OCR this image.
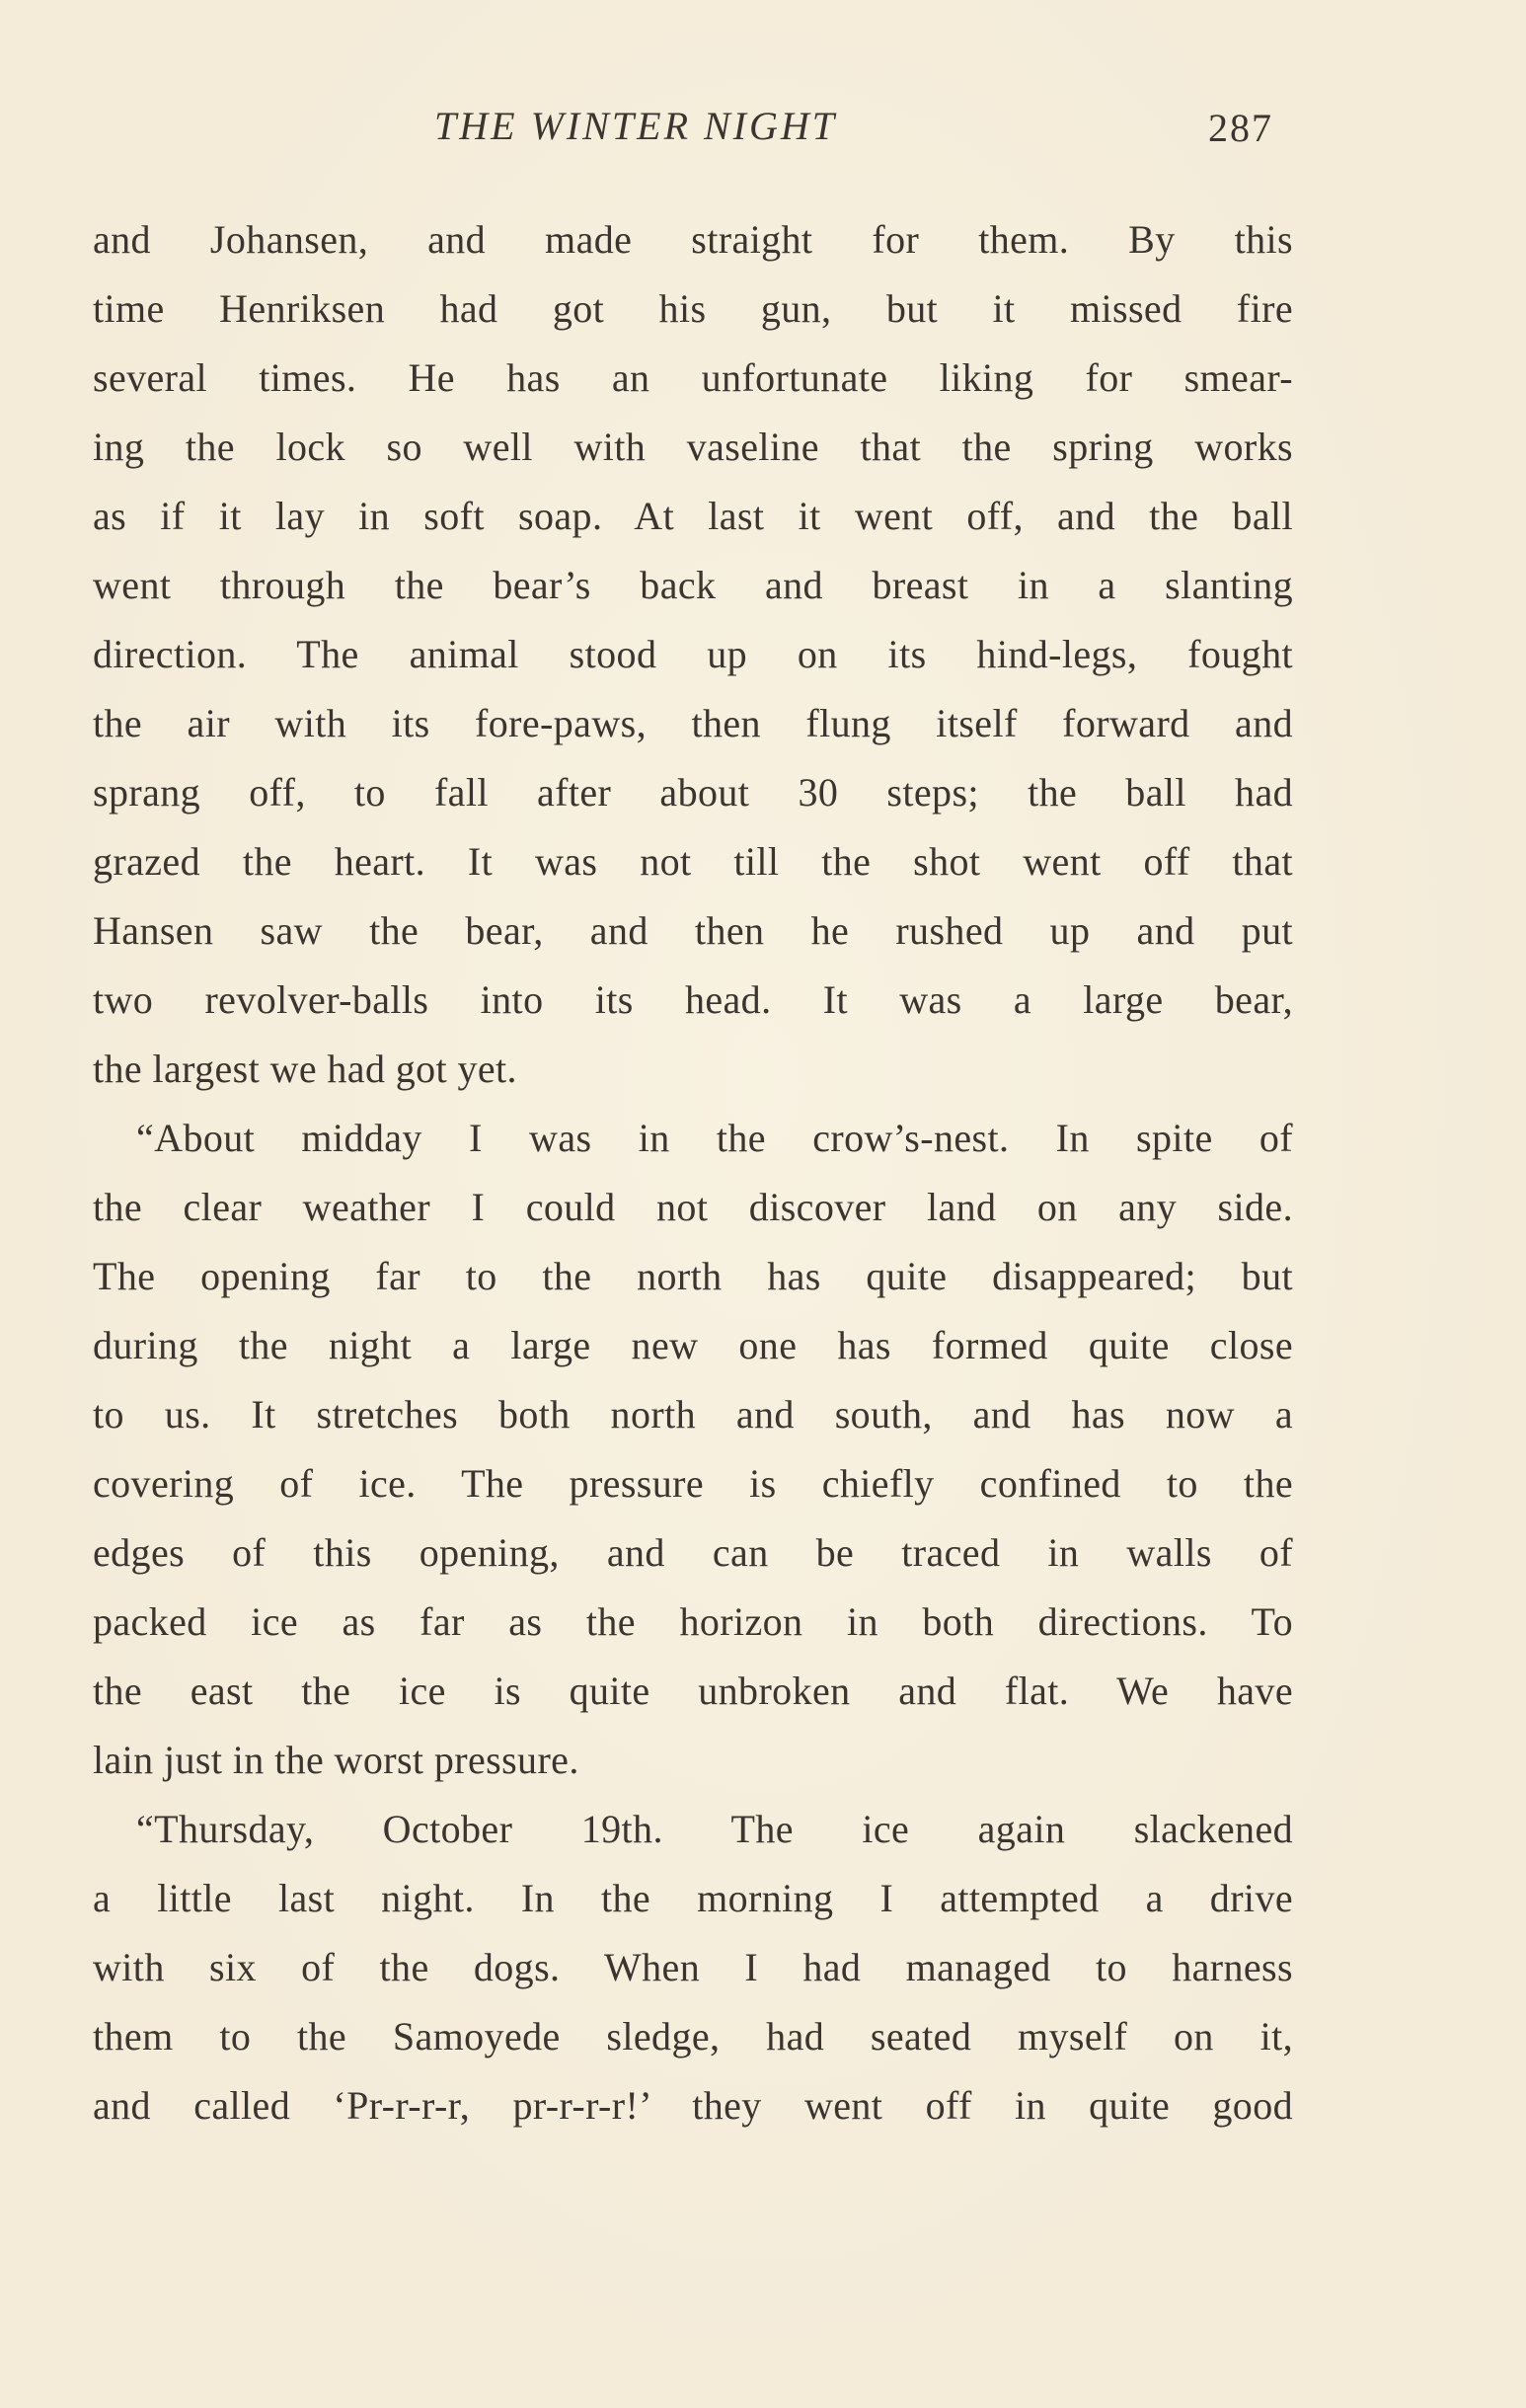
THE WINTER NIGHT	287
and Johansen, and made straight for them. By this
time Henriksen had got his gun, but it missed fire
several times. He has an unfortunate liking for smear-
ing the lock so well with vaseline that the spring works
as if it lay in soft soap. At last it went off, and the ball
went through the bear’s back and breast in a slanting
direction. The animal stood up on its hind-legs, fought
the air with its fore-paws, then flung itself forward and
sprang off, to fall after about 30 steps; the ball had
grazed the heart. It was not till the shot went off that
Hansen saw the bear, and then he rushed up and put
two revolver-balls into its head. It was a large bear,
the largest we had got yet.
“About midday I was in the crow’s-nest. In spite of
the clear weather I could not discover land on any side.
The opening far to the north has quite disappeared; but
during the night a large new one has formed quite close
to us. It stretches both north and south, and has now a
covering of ice. The pressure is chiefly confined to the
edges of this opening, and can be traced in walls of
packed ice as far as the horizon in both directions. To
the east the ice is quite unbroken and flat. We have
lain just in the worst pressure.
“Thursday, October 19th. The ice again slackened
a little last night. In the morning I attempted a drive
with six of the dogs. When I had managed to harness
them to the Samoyede sledge, had seated myself on it,
and called ‘Pr-r-r-r, pr-r-r-r!’ they went off in quite good
